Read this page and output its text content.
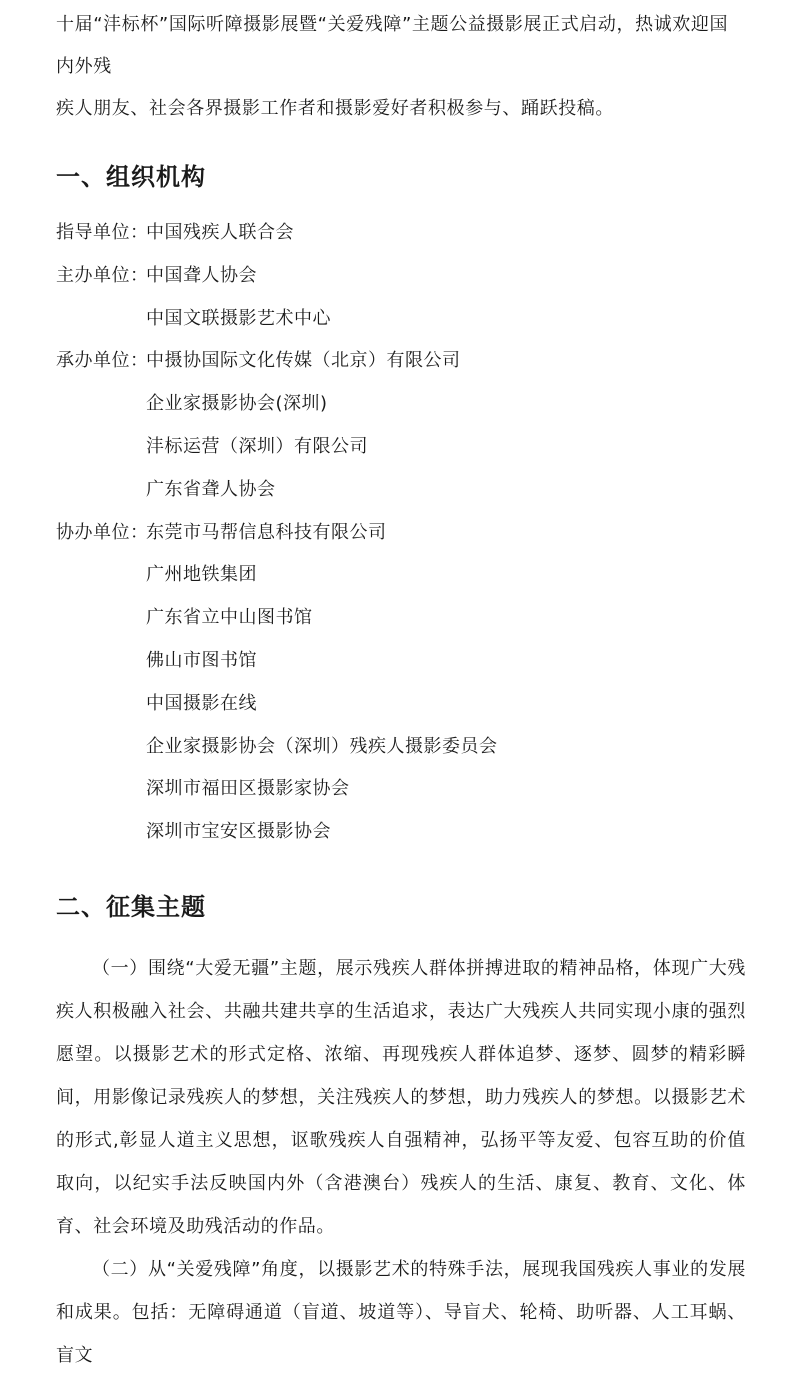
十届“沣标杯”国际听障摄影展暨“关爱残障”主题公益摄影展正式启动，热诚欢迎国内外残

疾人朋友、社会各界摄影工作者和摄影爱好者积极参与、踊跃投稿。

一、组织机构
指导单位：
中国残疾人联合会
主办单位：
中国聋人协会
中国文联摄影艺术中心
承办单位：
中摄协国际文化传媒（北京）有限公司
企业家摄影协会(深圳)
沣标运营（深圳）有限公司
广东省聋人协会
协办单位：
东莞市马帮信息科技有限公司
广州地铁集团
广东省立中山图书馆
佛山市图书馆
中国摄影在线
企业家摄影协会（深圳）残疾人摄影委员会
深圳市福田区摄影家协会
深圳市宝安区摄影协会
二、征集主题

（一）围绕“大爱无疆”主题，展示残疾人群体拼搏进取的精神品格，体现广大残疾人积极融入社会、共融共建共享的生活追求，表达广大残疾人共同实现小康的强烈愿望。以摄影艺术的形式定格、浓缩、再现残疾人群体追梦、逐梦、圆梦的精彩瞬间，用影像记录残疾人的梦想，关注残疾人的梦想，助力残疾人的梦想。以摄影艺术的形式,彰显人道主义思想，讴歌残疾人自强精神，弘扬平等友爱、包容互助的价值取向，以纪实手法反映国内外（含港澳台）残疾人的生活、康复、教育、文化、体育、社会环境及助残活动的作品。

（二）从“关爱残障”角度，以摄影艺术的特殊手法，展现我国残疾人事业的发展和成果。包括：无障碍通道（盲道、坡道等）、导盲犬、轮椅、助听器、人工耳蜗、盲文
